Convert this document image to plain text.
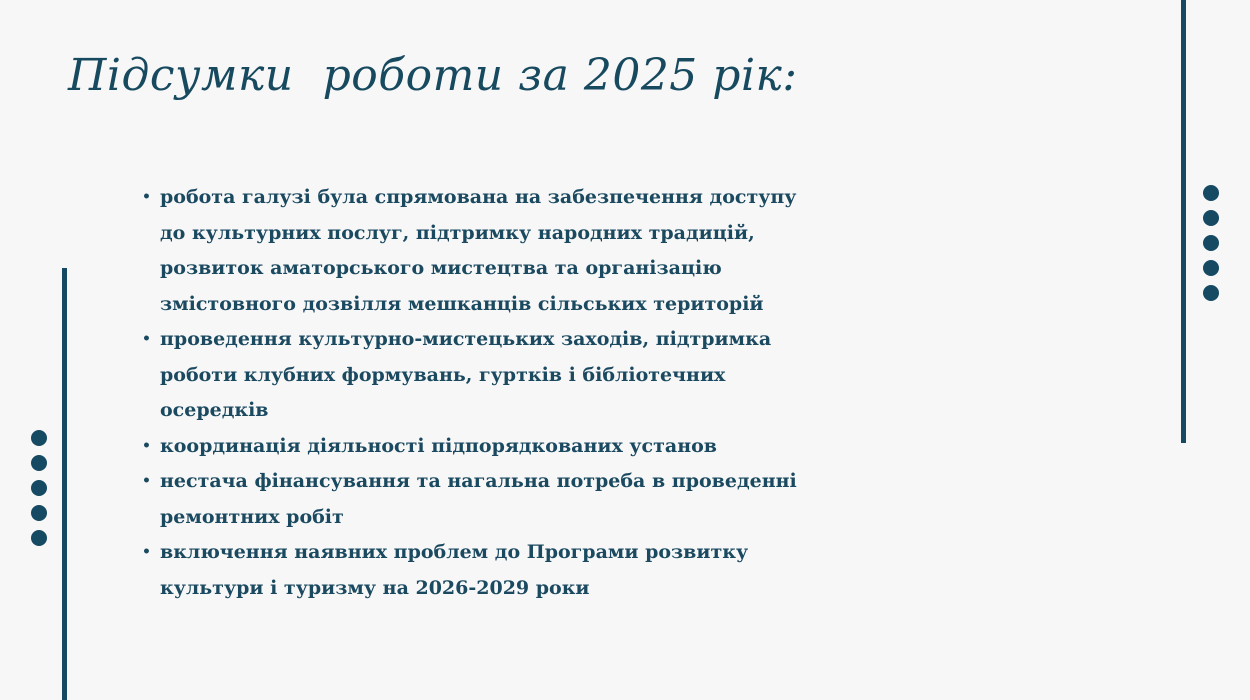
Підсумки  роботи за 2025 рік:
• робота галузі була спрямована на забезпечення доступу до культурних послуг, підтримку народних традицій, розвиток аматорського мистецтва та організацію змістовного дозвілля мешканців сільських територій
• проведення культурно-мистецьких заходів, підтримка роботи клубних формувань, гуртків і бібліотечних осередків
• координація діяльності підпорядкованих установ
• нестача фінансування та нагальна потреба в проведенні ремонтних робіт
• включення наявних проблем до Програми розвитку культури і туризму на 2026-2029 роки
